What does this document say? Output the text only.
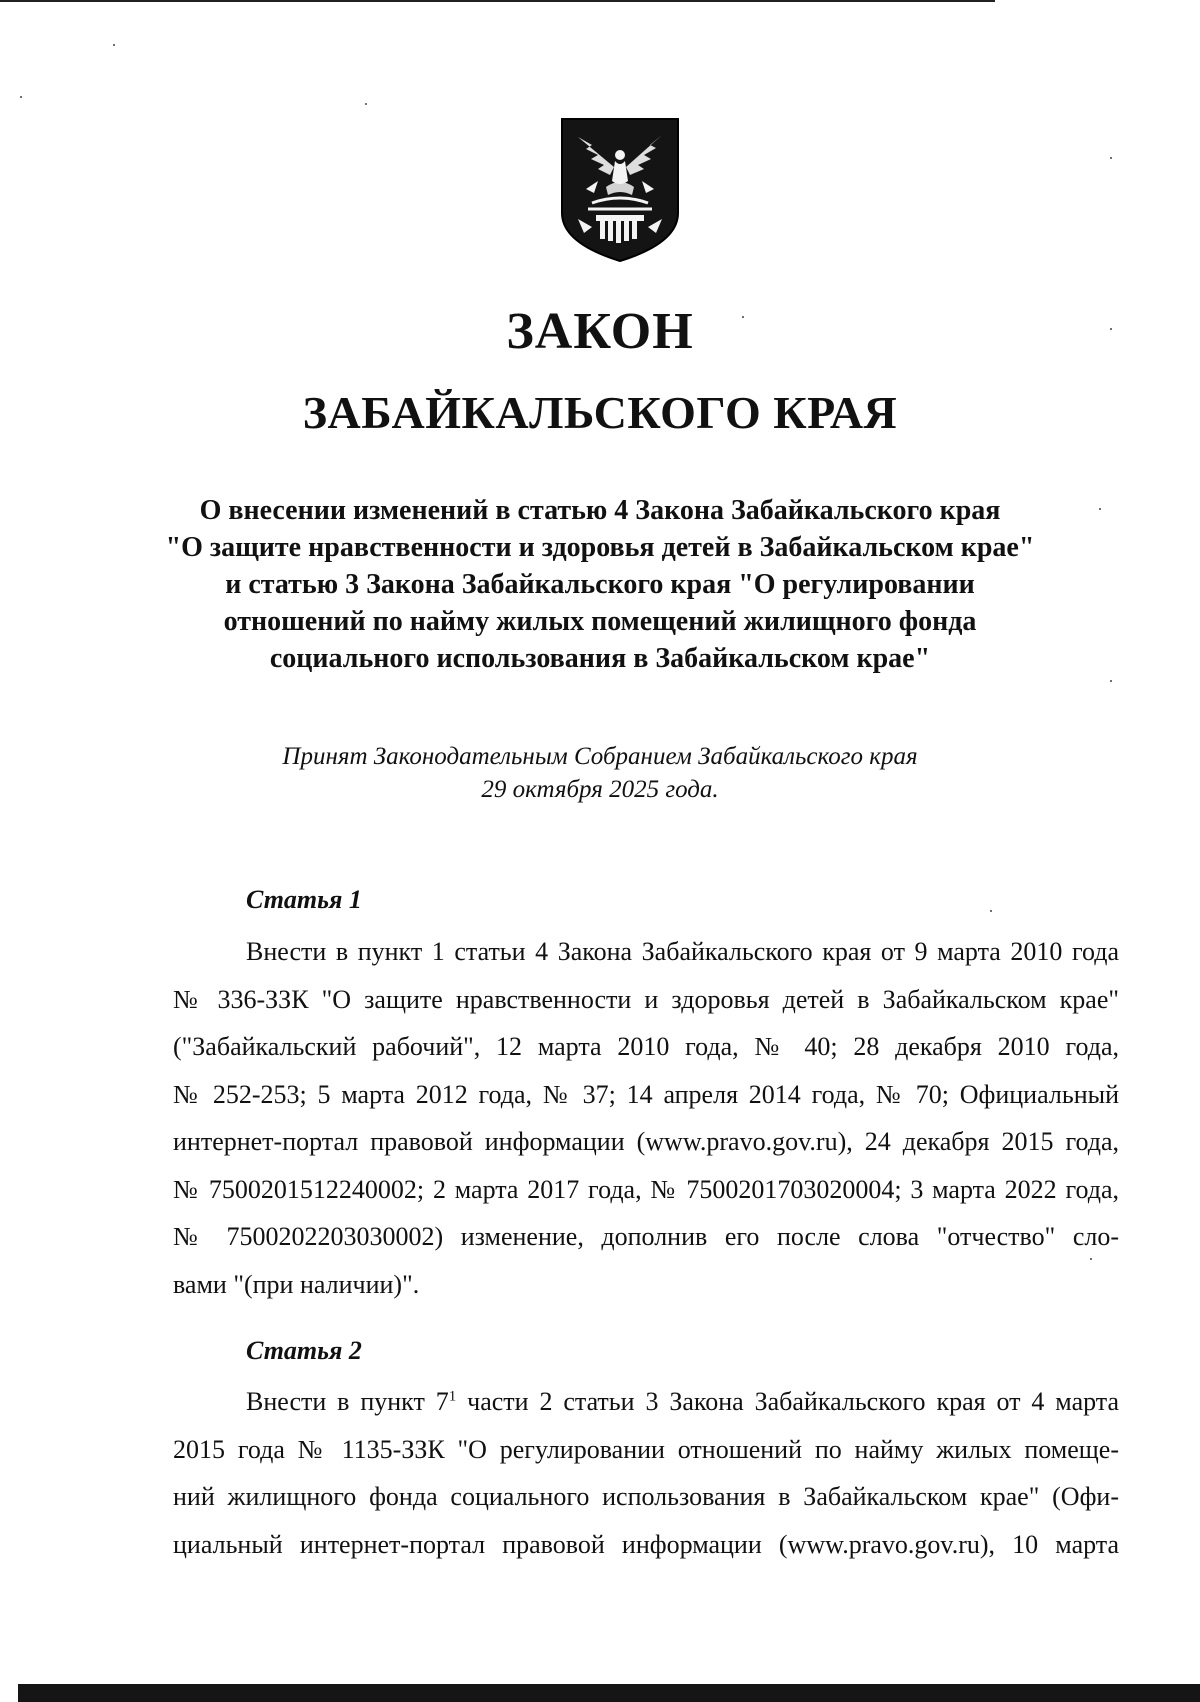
ЗАКОН
ЗАБАЙКАЛЬСКОГО КРАЯ

О внесении изменений в статью 4 Закона Забайкальского края
"О защите нравственности и здоровья детей в Забайкальском крае"
и статью 3 Закона Забайкальского края "О регулировании
отношений по найму жилых помещений жилищного фонда
социального использования в Забайкальском крае"

Принят Законодательным Собранием Забайкальского края
29 октября 2025 года.
Статья 1

Внести в пункт 1 статьи 4 Закона Забайкальского края от 9 марта 2010 года
№ 336-ЗЗК "О защите нравственности и здоровья детей в Забайкальском крае"
("Забайкальский рабочий", 12 марта 2010 года, № 40; 28 декабря 2010 года,
№ 252-253; 5 марта 2012 года, № 37; 14 апреля 2014 года, № 70; Официальный
интернет-портал правовой информации (www.pravo.gov.ru), 24 декабря 2015 года,
№ 7500201512240002; 2 марта 2017 года, № 7500201703020004; 3 марта 2022 года,
№ 7500202203030002) изменение, дополнив его после слова "отчество" сло-
вами "(при наличии)".

Статья 2

Внести в пункт $7^1$ части 2 статьи 3 Закона Забайкальского края от 4 марта
2015 года № 1135-ЗЗК "О регулировании отношений по найму жилых помеще-
ний жилищного фонда социального использования в Забайкальском крае" (Офи-
циальный интернет-портал правовой информации (www.pravo.gov.ru), 10 марта
